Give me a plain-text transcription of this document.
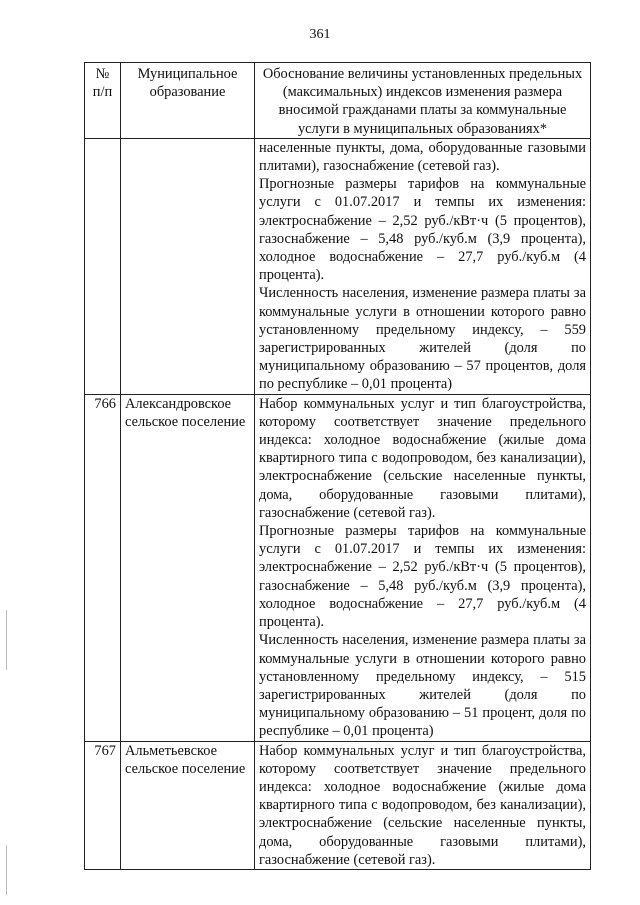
361
№ п/п	Муниципальное образование	Обоснование величины установленных предельных (максимальных) индексов изменения размера вносимой гражданами платы за коммунальные услуги в муниципальных образованиях*

		населенные пункты, дома, оборудованные газовыми плитами), газоснабжение (сетевой газ).
Прогнозные размеры тарифов на коммунальные услуги с 01.07.2017 и темпы их изменения: электроснабжение – 2,52 руб./кВт·ч (5 процентов), газоснабжение – 5,48 руб./куб.м (3,9 процента), холодное водоснабжение – 27,7 руб./куб.м (4 процента).
Численность населения, изменение размера платы за коммунальные услуги в отношении которого равно установленному предельному индексу, – 559 зарегистрированных жителей (доля по муниципальному образованию – 57 процентов, доля по республике – 0,01 процента)

766	Александровское сельское поселение	Набор коммунальных услуг и тип благоустройства, которому соответствует значение предельного индекса: холодное водоснабжение (жилые дома квартирного типа с водопроводом, без канализации), электроснабжение (сельские населенные пункты, дома, оборудованные газовыми плитами), газоснабжение (сетевой газ).
Прогнозные размеры тарифов на коммунальные услуги с 01.07.2017 и темпы их изменения: электроснабжение – 2,52 руб./кВт·ч (5 процентов), газоснабжение – 5,48 руб./куб.м (3,9 процента), холодное водоснабжение – 27,7 руб./куб.м (4 процента).
Численность населения, изменение размера платы за коммунальные услуги в отношении которого равно установленному предельному индексу, – 515 зарегистрированных жителей (доля по муниципальному образованию – 51 процент, доля по республике – 0,01 процента)

767	Альметьевское сельское поселение	Набор коммунальных услуг и тип благоустройства, которому соответствует значение предельного индекса: холодное водоснабжение (жилые дома квартирного типа с водопроводом, без канализации), электроснабжение (сельские населенные пункты, дома, оборудованные газовыми плитами), газоснабжение (сетевой газ).
